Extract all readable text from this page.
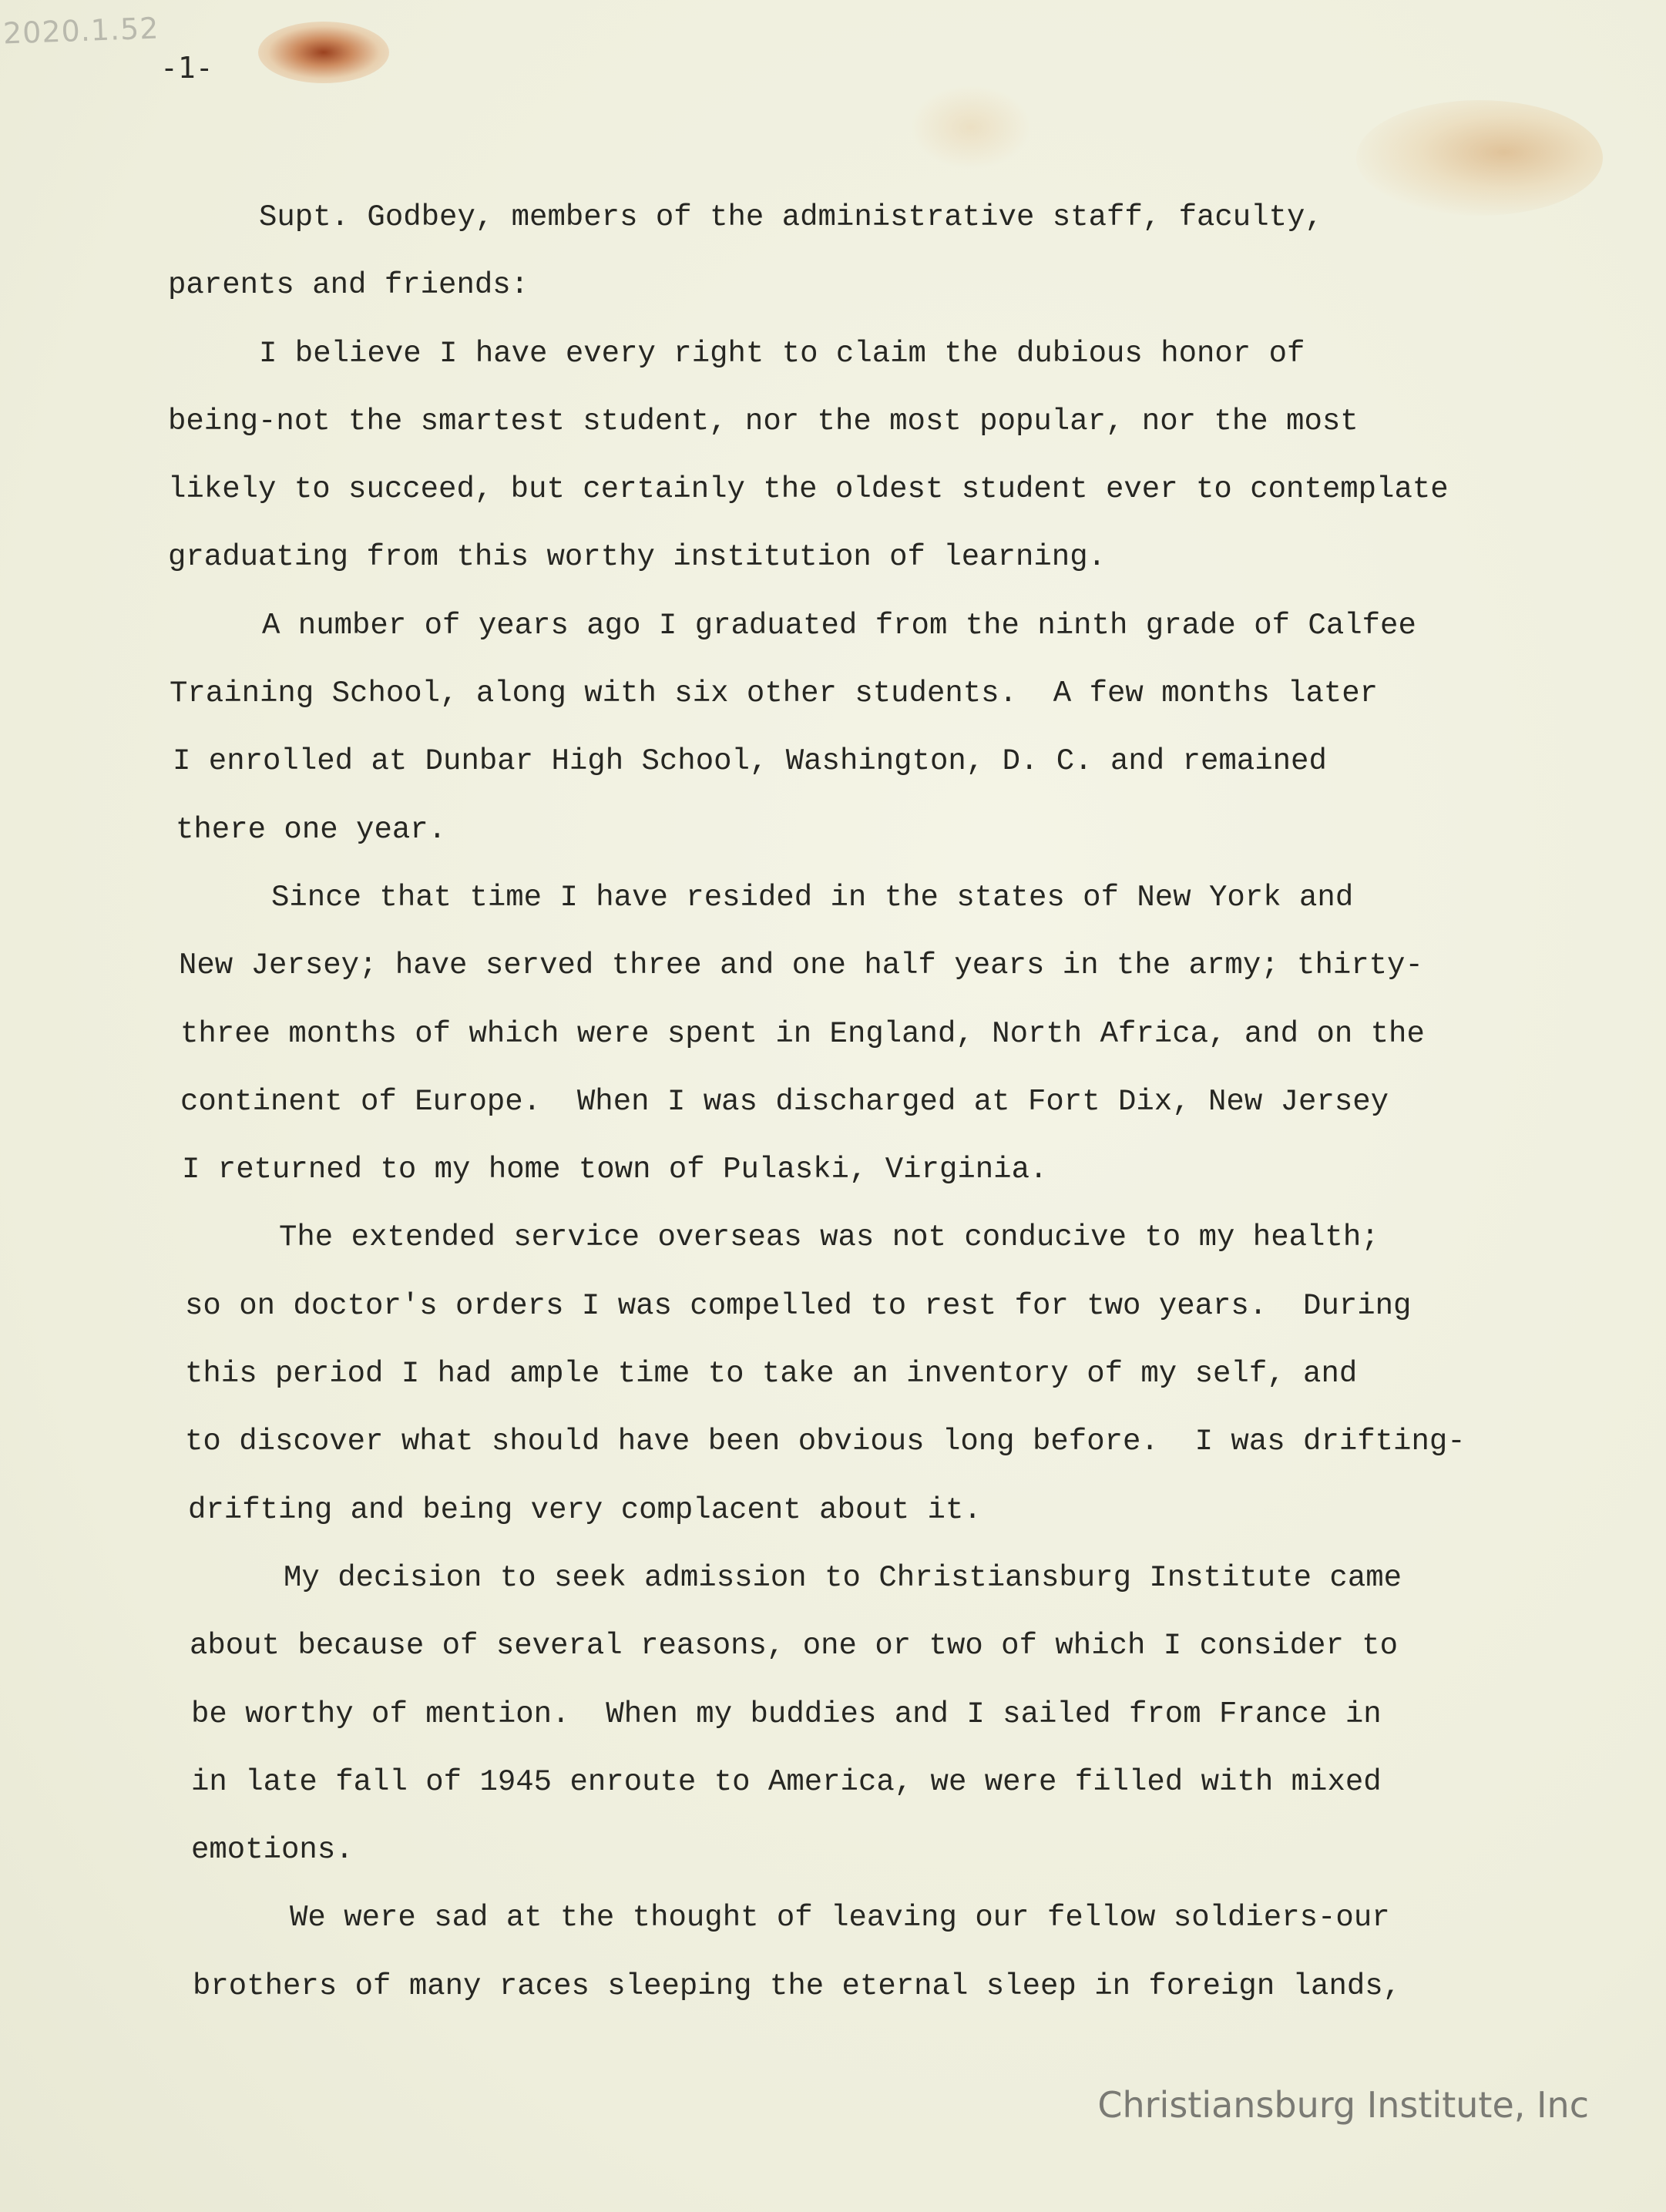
2020.1.52
-1-
Supt. Godbey, members of the administrative staff, faculty,
parents and friends:
I believe I have every right to claim the dubious honor of
being-not the smartest student, nor the most popular, nor the most
likely to succeed, but certainly the oldest student ever to contemplate
graduating from this worthy institution of learning.
A number of years ago I graduated from the ninth grade of Calfee
Training School, along with six other students.  A few months later
I enrolled at Dunbar High School, Washington, D. C. and remained
there one year.
Since that time I have resided in the states of New York and
New Jersey; have served three and one half years in the army; thirty-
three months of which were spent in England, North Africa, and on the
continent of Europe.  When I was discharged at Fort Dix, New Jersey
I returned to my home town of Pulaski, Virginia.
The extended service overseas was not conducive to my health;
so on doctor's orders I was compelled to rest for two years.  During
this period I had ample time to take an inventory of my self, and
to discover what should have been obvious long before.  I was drifting-
drifting and being very complacent about it.
My decision to seek admission to Christiansburg Institute came
about because of several reasons, one or two of which I consider to
be worthy of mention.  When my buddies and I sailed from France in
in late fall of 1945 enroute to America, we were filled with mixed
emotions.
We were sad at the thought of leaving our fellow soldiers-our
brothers of many races sleeping the eternal sleep in foreign lands,
Christiansburg Institute, Inc
